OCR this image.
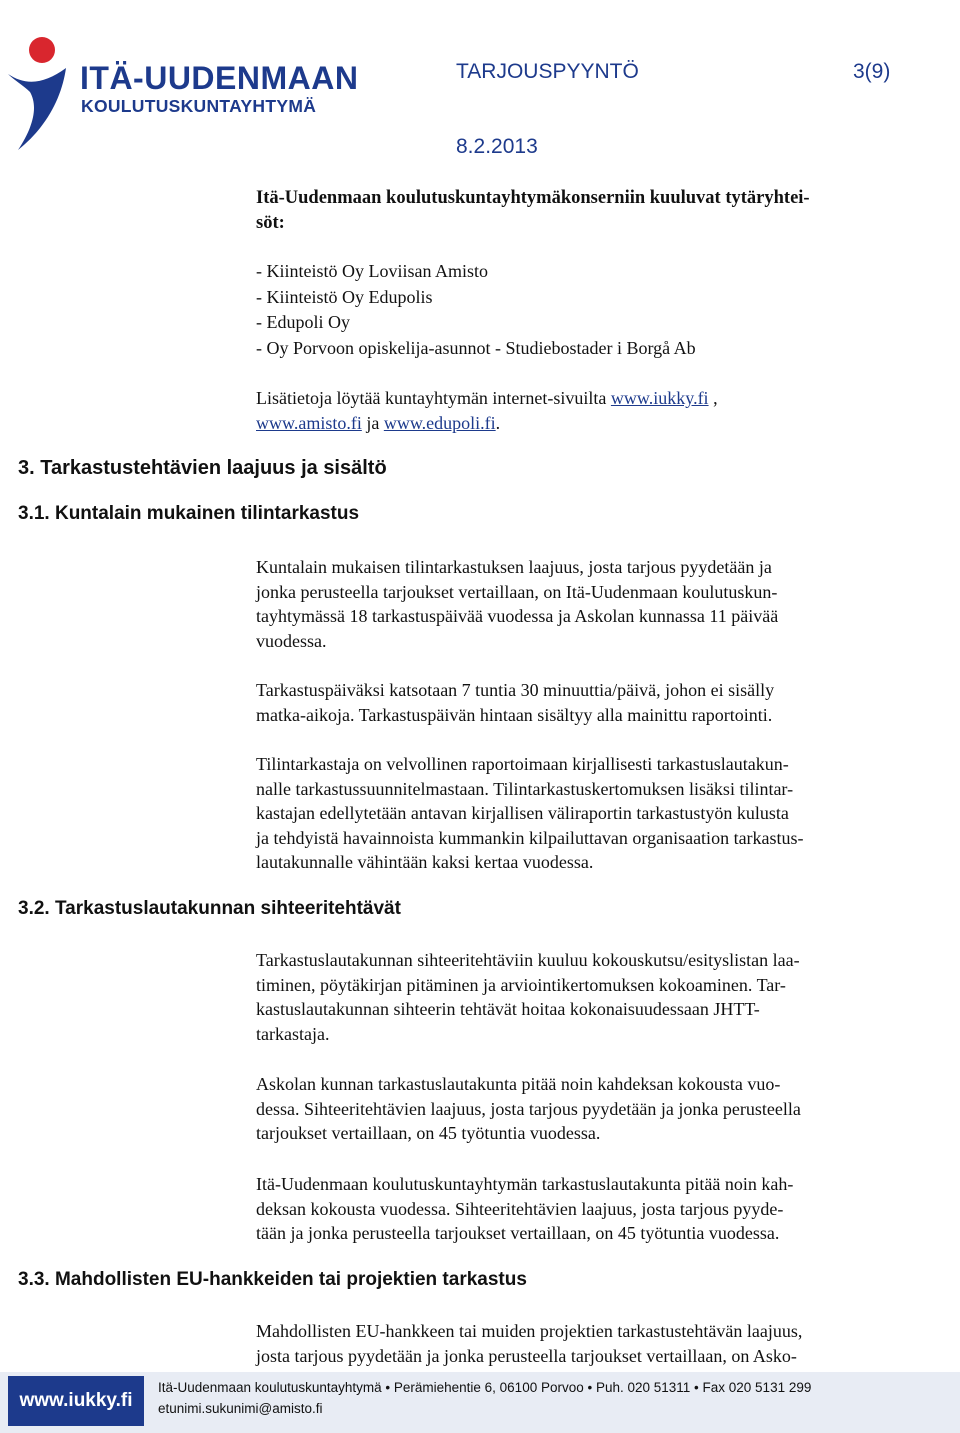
ITÄ-UUDENMAAN
KOULUTUSKUNTAYHTYMÄ
TARJOUSPYYNTÖ	3(9)
8.2.2013
Itä-Uudenmaan koulutuskuntayhtymäkonserniin kuuluvat tytäryhtei-
söt:
- Kiinteistö Oy Loviisan Amisto
- Kiinteistö Oy Edupolis
- Edupoli Oy
- Oy Porvoon opiskelija-asunnot - Studiebostader i Borgå Ab
Lisätietoja löytää kuntayhtymän internet-sivuilta www.iukky.fi ,
www.amisto.fi ja www.edupoli.fi.
3. Tarkastustehtävien laajuus ja sisältö
3.1. Kuntalain mukainen tilintarkastus
Kuntalain mukaisen tilintarkastuksen laajuus, josta tarjous pyydetään ja
jonka perusteella tarjoukset vertaillaan, on Itä-Uudenmaan koulutuskun-
tayhtymässä 18 tarkastuspäivää vuodessa ja Askolan kunnassa 11 päivää
vuodessa.
Tarkastuspäiväksi katsotaan 7 tuntia 30 minuuttia/päivä, johon ei sisälly
matka-aikoja. Tarkastuspäivän hintaan sisältyy alla mainittu raportointi.
Tilintarkastaja on velvollinen raportoimaan kirjallisesti tarkastuslautakun-
nalle tarkastussuunnitelmastaan. Tilintarkastuskertomuksen lisäksi tilintar-
kastajan edellytetään antavan kirjallisen väliraportin tarkastustyön kulusta
ja tehdyistä havainnoista kummankin kilpailuttavan organisaation tarkastus-
lautakunnalle vähintään kaksi kertaa vuodessa.
3.2. Tarkastuslautakunnan sihteeritehtävät
Tarkastuslautakunnan sihteeritehtäviin kuuluu kokouskutsu/esityslistan laa-
timinen, pöytäkirjan pitäminen ja arviointikertomuksen kokoaminen. Tar-
kastuslautakunnan sihteerin tehtävät hoitaa kokonaisuudessaan JHTT-
tarkastaja.
Askolan kunnan tarkastuslautakunta pitää noin kahdeksan kokousta vuo-
dessa. Sihteeritehtävien laajuus, josta tarjous pyydetään ja jonka perusteella
tarjoukset vertaillaan, on 45 työtuntia vuodessa.
Itä-Uudenmaan koulutuskuntayhtymän tarkastuslautakunta pitää noin kah-
deksan kokousta vuodessa. Sihteeritehtävien laajuus, josta tarjous pyyde-
tään ja jonka perusteella tarjoukset vertaillaan, on 45 työtuntia vuodessa.
3.3. Mahdollisten EU-hankkeiden tai projektien tarkastus
Mahdollisten EU-hankkeen tai muiden projektien tarkastustehtävän laajuus,
josta tarjous pyydetään ja jonka perusteella tarjoukset vertaillaan, on Asko-
www.iukky.fi
Itä-Uudenmaan koulutuskuntayhtymä • Perämiehentie 6, 06100 Porvoo • Puh. 020 51311 • Fax 020 5131 299
etunimi.sukunimi@amisto.fi
